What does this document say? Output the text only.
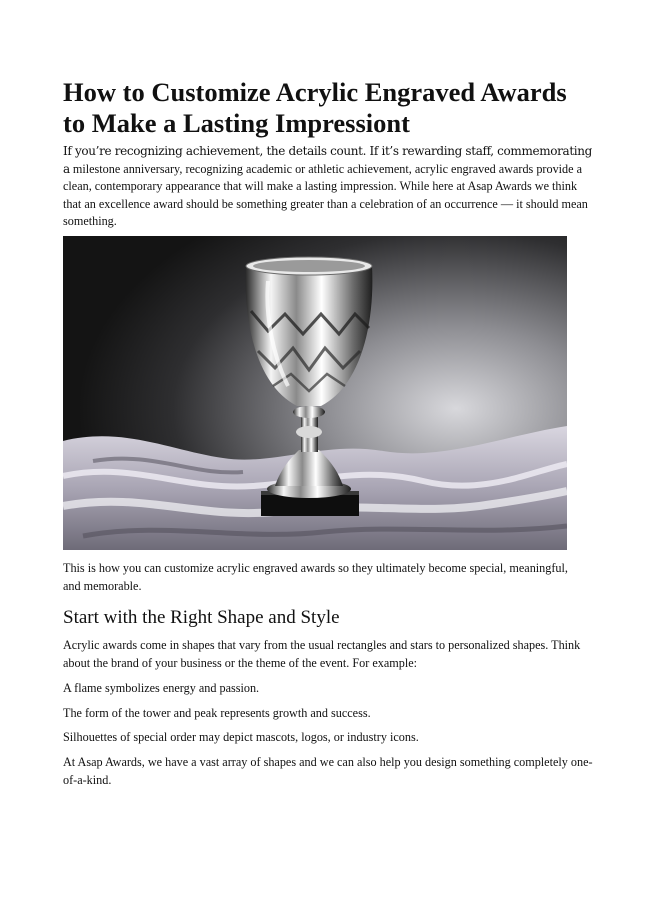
How to Customize Acrylic Engraved Awards
to Make a Lasting Impressiont
If you’re recognizing achievement, the details count. If it’s rewarding staff, commemorating a milestone anniversary, recognizing academic or athletic achievement, acrylic engraved awards provide a clean, contemporary appearance that will make a lasting impression. While here at Asap Awards we think that an excellence award should be something greater than a celebration of an occurrence — it should mean something.
This is how you can customize acrylic engraved awards so they ultimately become special, meaningful, and memorable.
Start with the Right Shape and Style

Acrylic awards come in shapes that vary from the usual rectangles and stars to personalized shapes. Think about the brand of your business or the theme of the event. For example:

A flame symbolizes energy and passion.

The form of the tower and peak represents growth and success.

Silhouettes of special order may depict mascots, logos, or industry icons.

At Asap Awards, we have a vast array of shapes and we can also help you design something completely one-of-a-kind.
